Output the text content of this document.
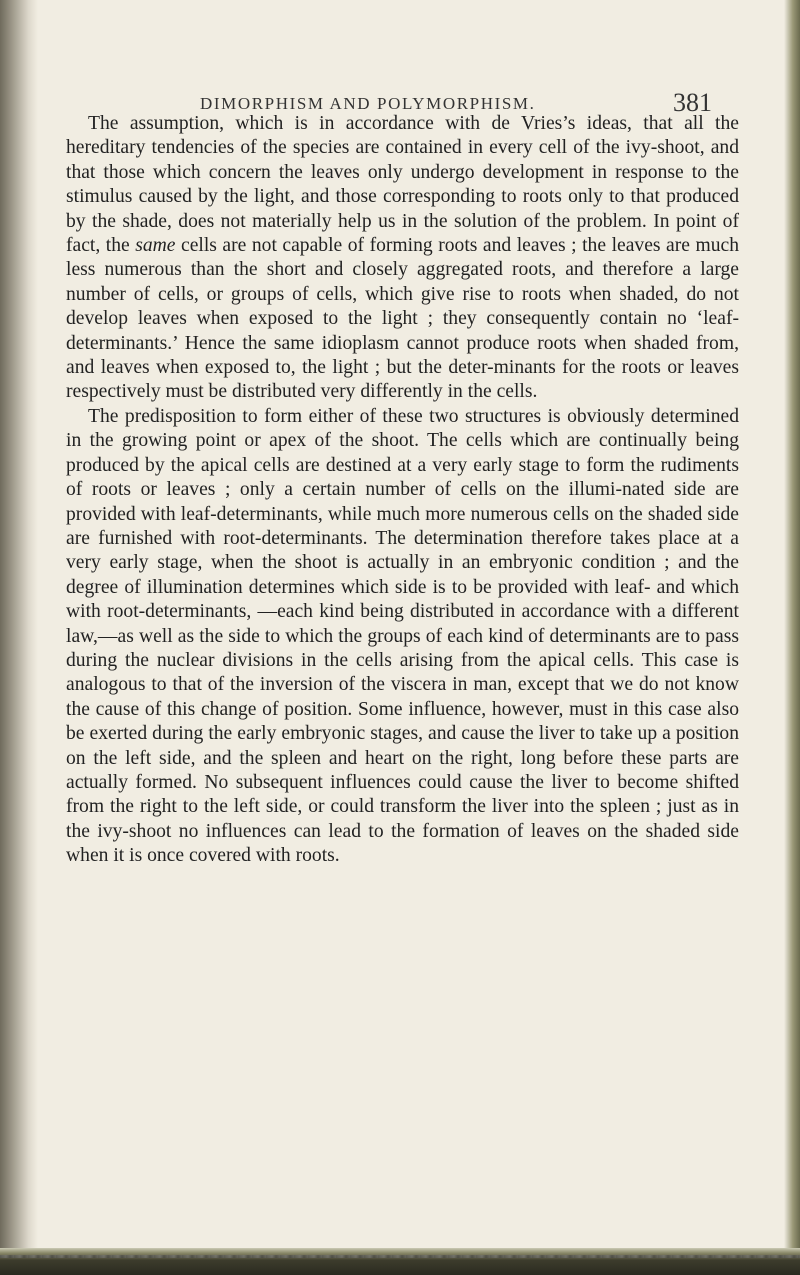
DIMORPHISM AND POLYMORPHISM.	381

The assumption, which is in accordance with de Vries’s ideas, that all the hereditary tendencies of the species are contained in every cell of the ivy-shoot, and that those which concern the leaves only undergo development in response to the stimulus caused by the light, and those corresponding to roots only to that produced by the shade, does not materially help us in the solution of the problem. In point of fact, the same cells are not capable of forming roots and leaves ; the leaves are much less numerous than the short and closely aggregated roots, and therefore a large number of cells, or groups of cells, which give rise to roots when shaded, do not develop leaves when exposed to the light ; they consequently contain no ‘leaf-determinants.’ Hence the same idioplasm cannot produce roots when shaded from, and leaves when exposed to, the light ; but the deter-minants for the roots or leaves respectively must be distributed very differently in the cells.

The predisposition to form either of these two structures is obviously determined in the growing point or apex of the shoot. The cells which are continually being produced by the apical cells are destined at a very early stage to form the rudiments of roots or leaves ; only a certain number of cells on the illumi-nated side are provided with leaf-determinants, while much more numerous cells on the shaded side are furnished with root-determinants. The determination therefore takes place at a very early stage, when the shoot is actually in an embryonic condition ; and the degree of illumination determines which side is to be provided with leaf- and which with root-determinants, —each kind being distributed in accordance with a different law,—as well as the side to which the groups of each kind of determinants are to pass during the nuclear divisions in the cells arising from the apical cells. This case is analogous to that of the inversion of the viscera in man, except that we do not know the cause of this change of position. Some influence, however, must in this case also be exerted during the early embryonic stages, and cause the liver to take up a position on the left side, and the spleen and heart on the right, long before these parts are actually formed. No subsequent influences could cause the liver to become shifted from the right to the left side, or could transform the liver into the spleen ; just as in the ivy-shoot no influences can lead to the formation of leaves on the shaded side when it is once covered with roots.
